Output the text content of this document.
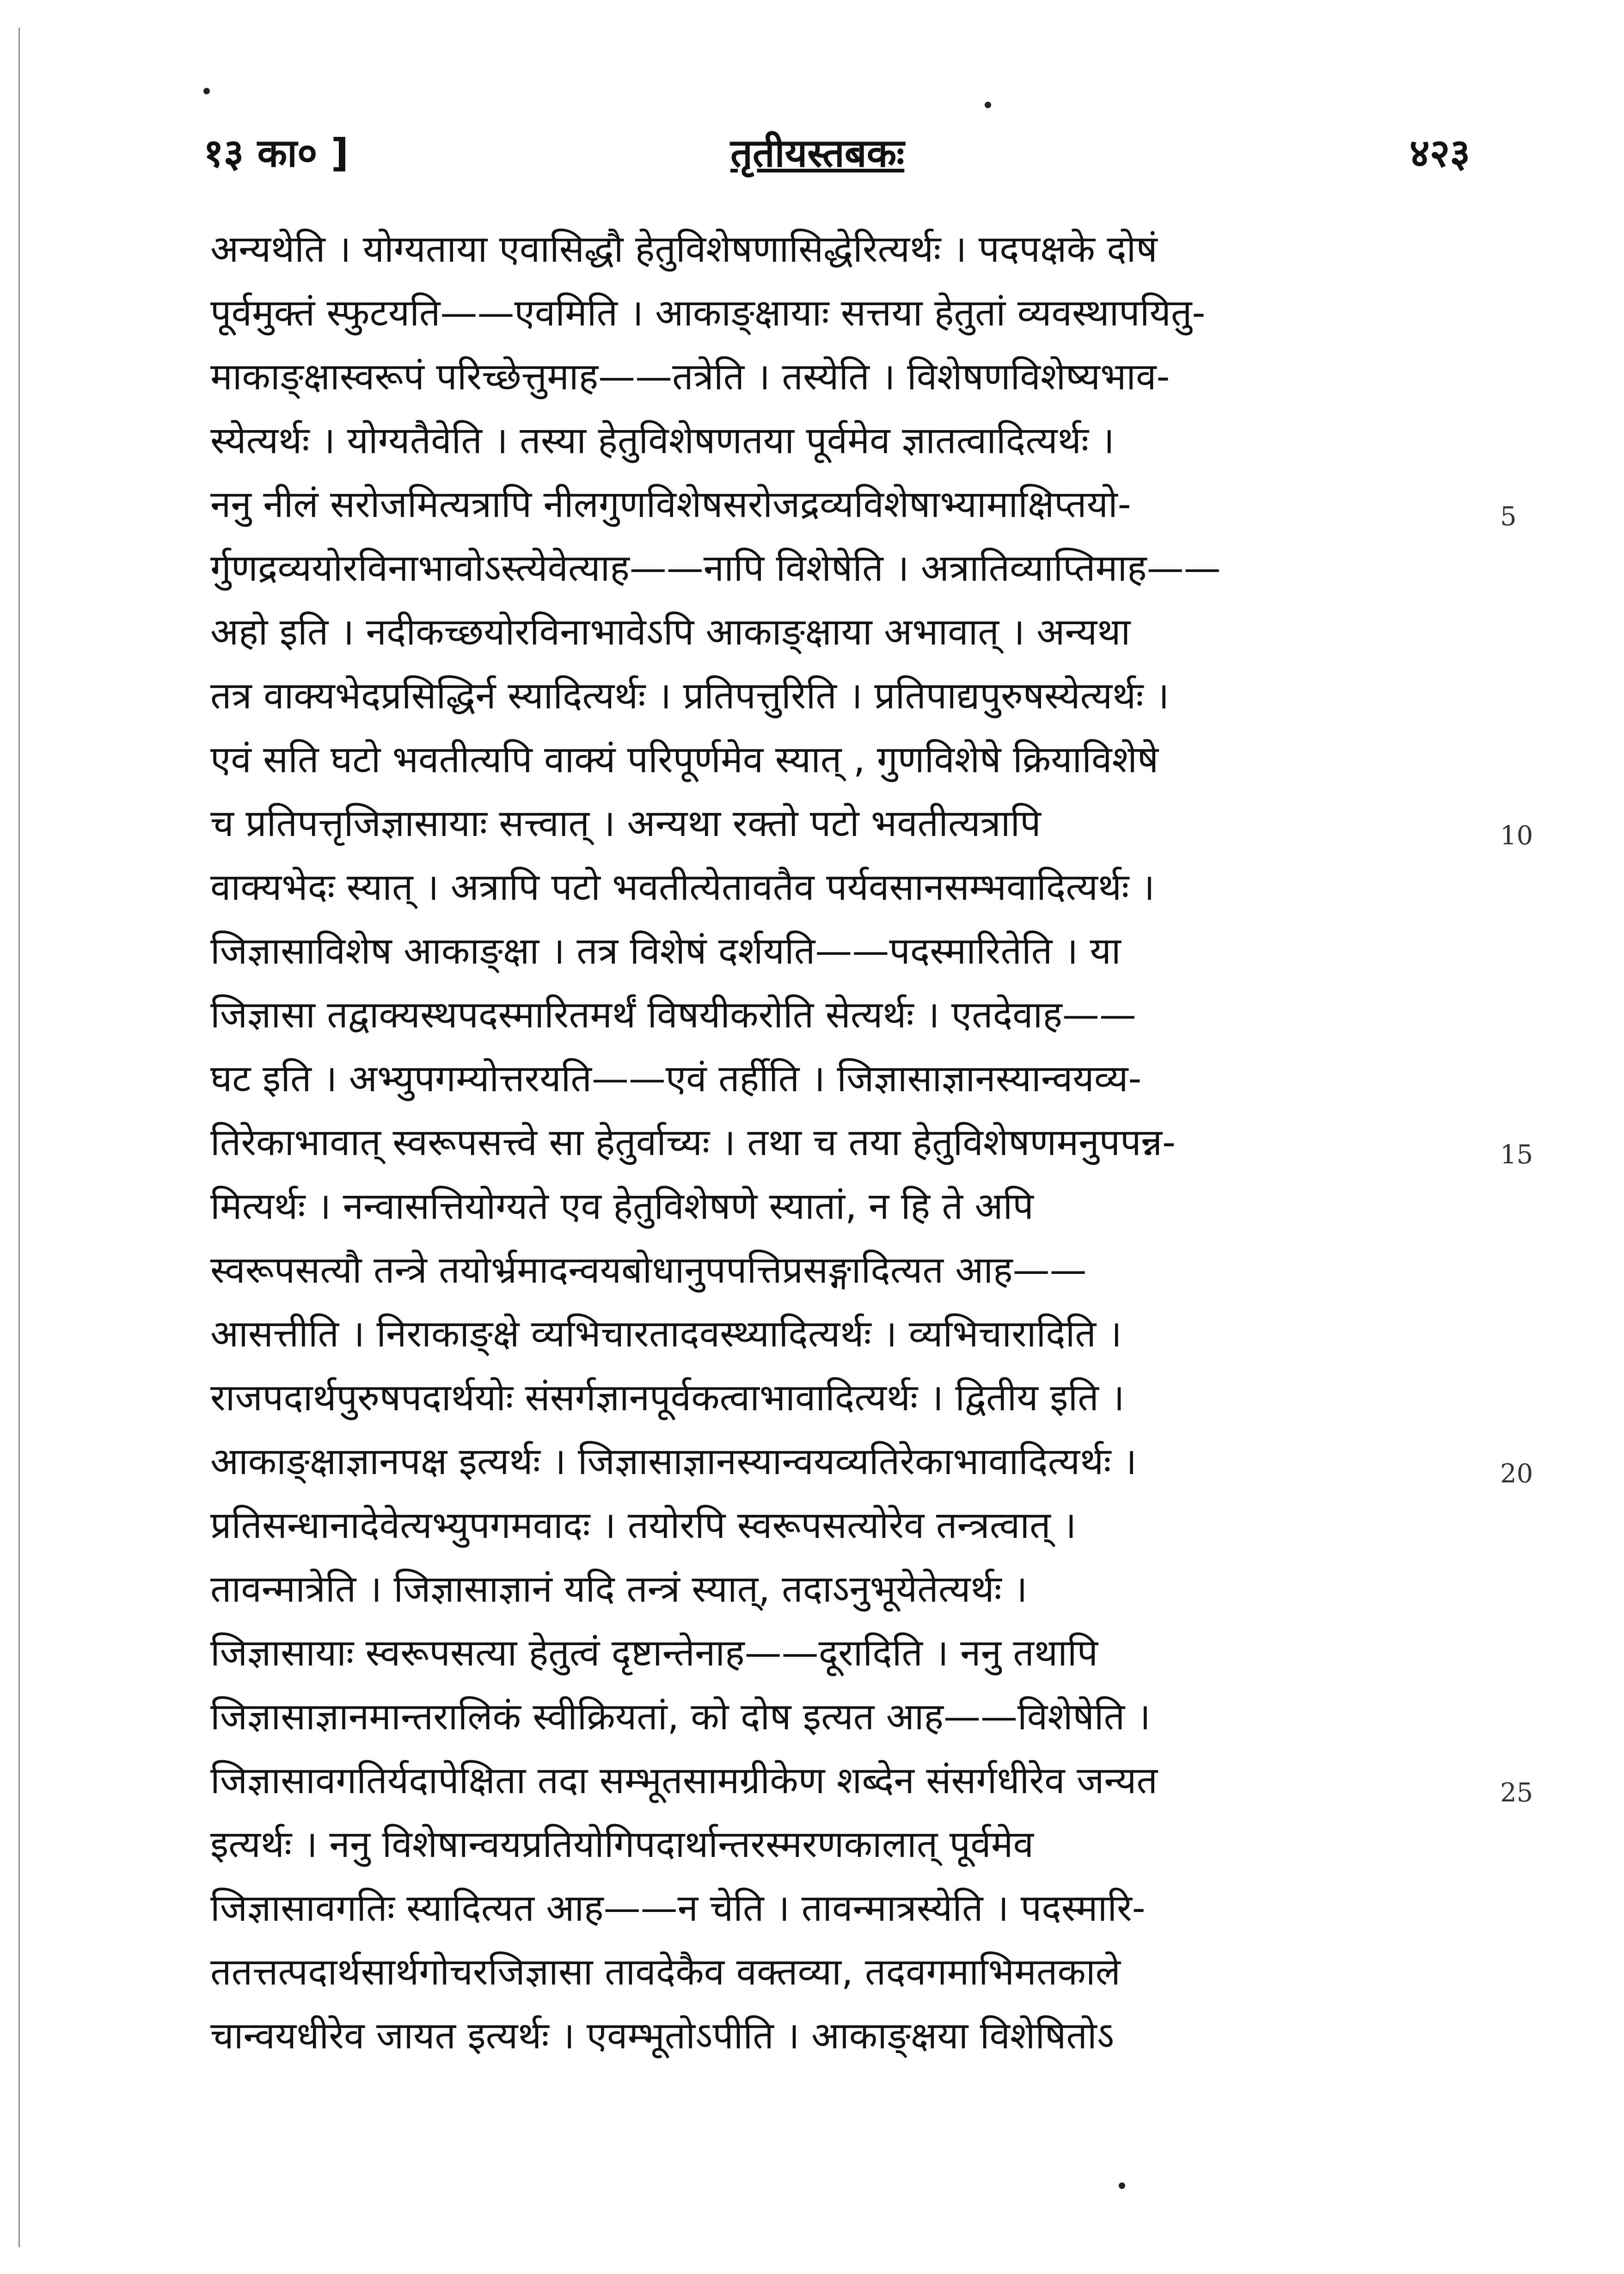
१३ का० ]	तृतीयस्तबकः	४२३
अन्यथेति । योग्यताया एवासिद्धौ हेतुविशेषणासिद्धेरित्यर्थः । पदपक्षके दोषं
पूर्वमुक्तं स्फुटयति——एवमिति । आकाङ्क्षायाः सत्तया हेतुतां व्यवस्थापयितु-
माकाङ्क्षास्वरूपं परिच्छेत्तुमाह——तत्रेति । तस्येति । विशेषणविशेष्यभाव-
स्येत्यर्थः । योग्यतैवेति । तस्या हेतुविशेषणतया पूर्वमेव ज्ञातत्वादित्यर्थः ।
ननु नीलं सरोजमित्यत्रापि नीलगुणविशेषसरोजद्रव्यविशेषाभ्यामाक्षिप्तयो-
र्गुणद्रव्ययोरविनाभावोऽस्त्येवेत्याह——नापि विशेषेति । अत्रातिव्याप्तिमाह——
अहो इति । नदीकच्छयोरविनाभावेऽपि आकाङ्क्षाया अभावात् । अन्यथा
तत्र वाक्यभेदप्रसिद्धिर्न स्यादित्यर्थः । प्रतिपत्तुरिति । प्रतिपाद्यपुरुषस्येत्यर्थः ।
एवं सति घटो भवतीत्यपि वाक्यं परिपूर्णमेव स्यात् , गुणविशेषे क्रियाविशेषे
च प्रतिपत्तृजिज्ञासायाः सत्त्वात् । अन्यथा रक्तो पटो भवतीत्यत्रापि
वाक्यभेदः स्यात् । अत्रापि पटो भवतीत्येतावतैव पर्यवसानसम्भवादित्यर्थः ।
जिज्ञासाविशेष आकाङ्क्षा । तत्र विशेषं दर्शयति——पदस्मारितेति । या
जिज्ञासा तद्वाक्यस्थपदस्मारितमर्थं विषयीकरोति सेत्यर्थः । एतदेवाह——
घट इति । अभ्युपगम्योत्तरयति——एवं तर्हीति । जिज्ञासाज्ञानस्यान्वयव्य-
तिरेकाभावात् स्वरूपसत्त्वे सा हेतुर्वाच्यः । तथा च तया हेतुविशेषणमनुपपन्न-
मित्यर्थः । नन्वासत्तियोग्यते एव हेतुविशेषणे स्यातां, न हि ते अपि
स्वरूपसत्यौ तन्त्रे तयोर्भ्रमादन्वयबोधानुपपत्तिप्रसङ्गादित्यत आह——
आसत्तीति । निराकाङ्क्षे व्यभिचारतादवस्थ्यादित्यर्थः । व्यभिचारादिति ।
राजपदार्थपुरुषपदार्थयोः संसर्गज्ञानपूर्वकत्वाभावादित्यर्थः । द्वितीय इति ।
आकाङ्क्षाज्ञानपक्ष इत्यर्थः । जिज्ञासाज्ञानस्यान्वयव्यतिरेकाभावादित्यर्थः ।
प्रतिसन्धानादेवेत्यभ्युपगमवादः । तयोरपि स्वरूपसत्योरेव तन्त्रत्वात् ।
तावन्मात्रेति । जिज्ञासाज्ञानं यदि तन्त्रं स्यात्, तदाऽनुभूयेतेत्यर्थः ।
जिज्ञासायाः स्वरूपसत्या हेतुत्वं दृष्टान्तेनाह——दूरादिति । ननु तथापि
जिज्ञासाज्ञानमान्तरालिकं स्वीक्रियतां, को दोष इत्यत आह——विशेषेति ।
जिज्ञासावगतिर्यदापेक्षिता तदा सम्भूतसामग्रीकेण शब्देन संसर्गधीरेव जन्यत
इत्यर्थः । ननु विशेषान्वयप्रतियोगिपदार्थान्तरस्मरणकालात् पूर्वमेव
जिज्ञासावगतिः स्यादित्यत आह——न चेति । तावन्मात्रस्येति । पदस्मारि-
ततत्तत्पदार्थसार्थगोचरजिज्ञासा तावदेकैव वक्तव्या, तदवगमाभिमतकाले
चान्वयधीरेव जायत इत्यर्थः । एवम्भूतोऽपीति । आकाङ्क्षया विशेषितोऽ
5
10
15
20
25
